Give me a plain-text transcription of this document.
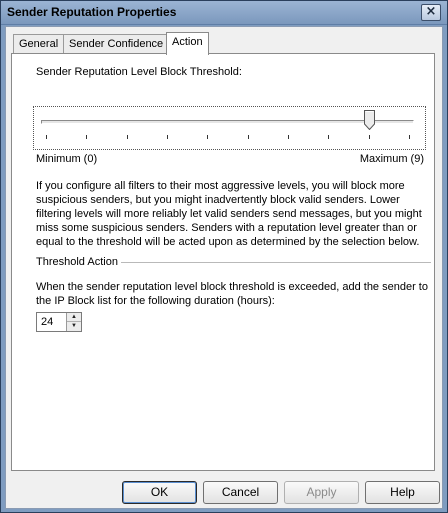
Sender Reputation Properties	×
General Sender Confidence Action
Sender Reputation Level Block Threshold:
Minimum (0)	Maximum (9)
If you configure all filters to their most aggressive levels, you will block more suspicious senders, but you might inadvertently block valid senders. Lower filtering levels will more reliably let valid senders send messages, but you might miss some suspicious senders. Senders with a reputation level greater than or equal to the threshold will be acted upon as determined by the selection below.
Threshold Action
When the sender reputation level block threshold is exceeded, add the sender to the IP Block list for the following duration (hours):
24	▲
▼
OK	Cancel	Apply	Help
